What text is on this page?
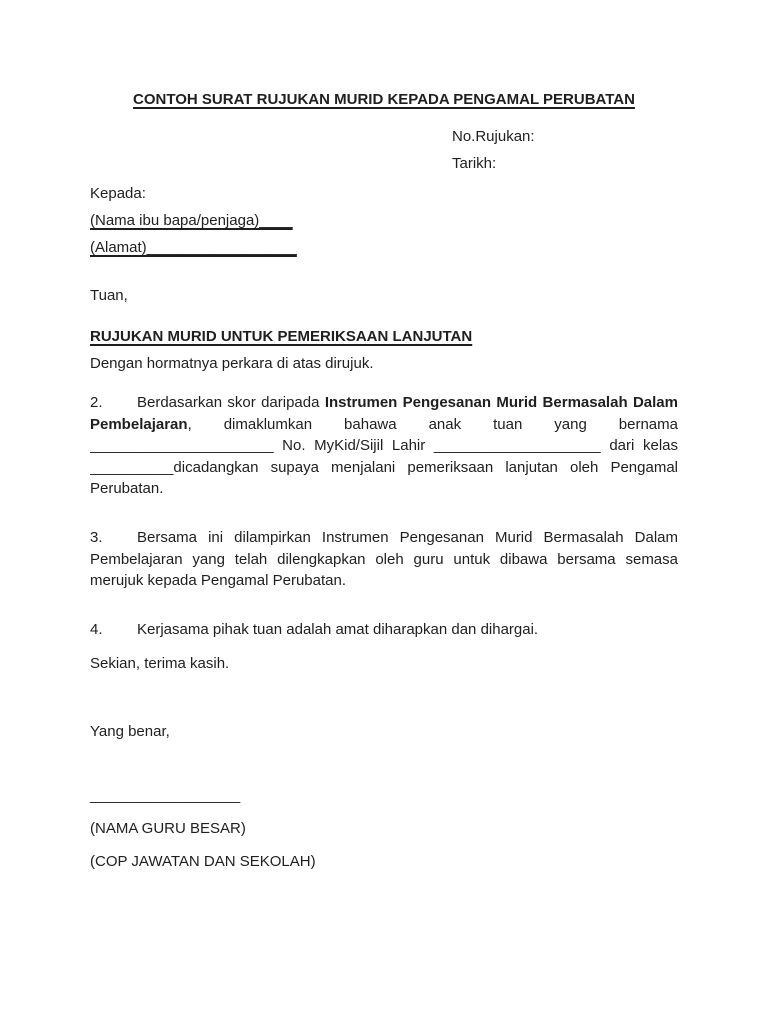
CONTOH SURAT RUJUKAN MURID KEPADA PENGAMAL PERUBATAN
No.Rujukan:
Tarikh:
Kepada:
(Nama ibu bapa/penjaga)____
(Alamat)__________________
Tuan,
RUJUKAN MURID UNTUK PEMERIKSAAN LANJUTAN
Dengan hormatnya perkara di atas dirujuk.
2. Berdasarkan skor daripada Instrumen Pengesanan Murid Bermasalah Dalam
Pembelajaran, dimaklumkan bahawa anak tuan yang bernama
______________________ No. MyKid/Sijil Lahir ____________________ dari kelas
__________dicadangkan supaya menjalani pemeriksaan lanjutan oleh Pengamal
Perubatan.
3. Bersama ini dilampirkan Instrumen Pengesanan Murid Bermasalah Dalam
Pembelajaran yang telah dilengkapkan oleh guru untuk dibawa bersama semasa
merujuk kepada Pengamal Perubatan.
4. Kerjasama pihak tuan adalah amat diharapkan dan dihargai.
Sekian, terima kasih.
Yang benar,
__________________
(NAMA GURU BESAR)
(COP JAWATAN DAN SEKOLAH)
